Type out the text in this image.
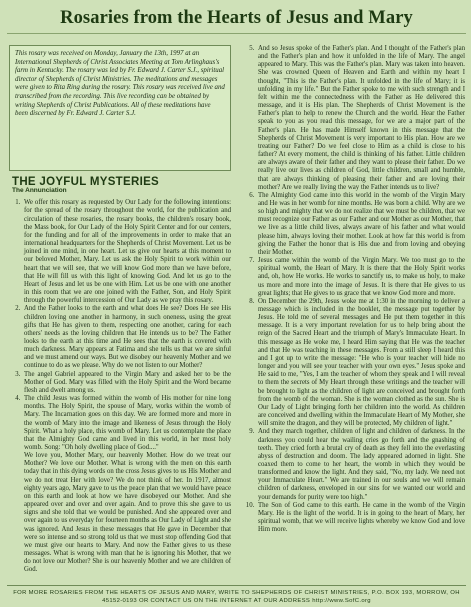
Rosaries from the Hearts of Jesus and Mary
This rosary was received on Monday, January the 13th, 1997 at an International Shepherds of Christ Associates Meeting at Tom Arlinghaus's farm in Kentucky. The rosary was led by Fr. Edward J. Carter S.J., spiritual director of Shepherds of Christ Ministries. The meditations and messages were given to Rita Ring during the rosary. This rosary was received live and transcribed from the recording. This live recording can be obtained by writing Shepherds of Christ Publications. All of these meditations have been discerned by Fr. Edward J. Carter S.J.
THE JOYFUL MYSTERIES
The Annunciation
1. We offer this rosary as requested by Our Lady for the following intentions: for the spread of the rosary throughout the world, for the publication and circulation of these rosaries, the rosary books, the children's rosary book, the Mass book, for Our Lady of the Holy Spirit Center and for our centers, for the funding and for all of the improvements in order to make that an international headquarters for the Shepherds of Christ Movement. Let us be joined in one mind, in one heart. Let us give our hearts at this moment to our beloved Mother, Mary. Let us ask the Holy Spirit to work within our heart that we will see, that we will know God more than we have before, that He will fill us with this light of knowing God. And let us go to the Heart of Jesus and let us be one with Him. Let us be one with one another in this room that we are one joined with the Father, Son, and Holy Spirit through the powerful intercession of Our Lady as we pray this rosary.
2. And the Father looks to the earth and what does He see? Does He see His children loving one another in harmony, in such oneness, using the great gifts that He has given to them, respecting one another, caring for each others' needs as the loving children that He intends us to be? The Father looks to the earth at this time and He sees that the earth is covered with much darkness. Mary appears at Fatima and she tells us that we are sinful and we must amend our ways. But we disobey our heavenly Mother and we continue to do as we please. Why do we not listen to our Mother?
3. The angel Gabriel appeared to the Virgin Mary and asked her to be the Mother of God. Mary was filled with the Holy Spirit and the Word became flesh and dwelt among us.
4. The child Jesus was formed within the womb of His mother for nine long months. The Holy Spirit, the spouse of Mary, works within the womb of Mary. The Incarnation goes on this day. We are formed more and more in the womb of Mary into the image and likeness of Jesus through the Holy Spirit. What a holy place, this womb of Mary. Let us contemplate the place that the Almighty God came and lived in this world, in her most holy womb. Song: "Oh holy dwelling place of God...."

We love you, Mother Mary, our heavenly Mother. How do we treat our Mother? We love our Mother. What is wrong with the men on this earth today that in this dying words on the cross Jesus gives to us His Mother and we do not treat Her with love? We do not think of her. In 1917, almost eighty years ago, Mary gave to us the peace plan that we would have peace on this earth and look at how we have disobeyed our Mother. And she appeared over and over and over again. And to prove this she gave to us signs and she told that we would be punished. And she appeared over and over again to us everyday for fourteen months as Our Lady of Light and she was ignored. And Jesus in these messages that He gave in December that were so intense and so strong told us that we must stop offending God that we must give our hearts to Mary. And now the Father gives to us these messages. What is wrong with man that he is ignoring his Mother, that we do not love our Mother? She is our heavenly Mother and we are children of God.

5. And so Jesus spoke of the Father's plan. And I thought of the Father's plan and the Father's plan and how it unfolded in the life of Mary. The angel appeared to Mary. This was the Father's plan. Mary was taken into heaven. She was crowned Queen of Heaven and Earth and within my heart I thought, "This is the Father's plan. It unfolded in the life of Mary; it is unfolding in my life." But the Father spoke to me with such strength and I felt within me the connectedness with the Father as He delivered this message, and it is His plan. The Shepherds of Christ Movement is the Father's plan to help to renew the Church and the world. Hear the Father speak to you as you read this message, for we are a major part of the Father's plan. He has made Himself known in this message that the Shepherds of Christ Movement is very important to His plan. How are we treating our Father? Do we feel close to Him as a child is close to his father? At every moment, the child is thinking of his father. Little children are always aware of their father and they want to please their father. Do we really live our lives as children of God, little children, small and humble, that are always thinking of pleasing their father and are loving their mother? Are we really living the way the Father intends us to live?
6. The Almighty God came into this world in the womb of the Virgin Mary and He was in her womb for nine months. He was born a child. Why are we so high and mighty that we do not realize that we must be children, that we must recognize our Father as our Father and our Mother as our Mother, that we live as a little child lives, always aware of his father and what would please him, always loving their mother. Look at how far this world is from giving the Father the honor that is His due and from loving and obeying their Mother.
7. Jesus came within the womb of the Virgin Mary. We too must go to the spiritual womb, the Heart of Mary. It is there that the Holy Spirit works and, oh, how He works. He works to sanctify us, to make us holy, to make us more and more into the image of Jesus. It is there that He gives to us great lights; that He gives to us grace that we know God more and more.
8. On December the 29th, Jesus woke me at 1:30 in the morning to deliver a message which is included in the booklet, the message put together by Jesus. He told me of several messages and He put them together in this message. It is a very important revelation for us to help bring about the reign of the Sacred Heart and the triumph of Mary's Immaculate Heart. In this message as He woke me, I heard Him saying that He was the teacher and that He was teaching in these messages. From a still sleep I heard this and I got up to write the message: "He who is your teacher will hide no longer and you will see your teacher with your own eyes." Jesus spoke and He said to me, "Yes, I am the teacher of whom they speak and I will reveal to them the secrets of My Heart through these writings and the teacher will be brought to light as the children of light are conceived and brought forth from the womb of the woman. She is the woman clothed as the sun. She is Our Lady of Light bringing forth her children into the world. As children are conceived and dwelling within the Immaculate Heart of My Mother, she will smite the dragon, and they will be protected, My children of light."
9. And they march together, children of light and children of darkness. In the darkness you could hear the wailing cries go forth and the gnashing of teeth. They cried forth a brutal cry of death as they fell into the everlasting abyss of destruction and doom. The lady appeared adorned in light. She coaxed them to come to her heart, the womb in which they would be transformed and know the light. And they said, "No, my lady. We need not your Immaculate Heart." We are trained in our souls and we will remain children of darkness, enveloped in our sins for we wanted our world and your demands for purity were too high."
10. The Son of God came to this earth. He came in the womb of the Virgin Mary. He is the light of the world. It is in going to the heart of Mary, her spiritual womb, that we will receive lights whereby we know God and love Him more.
FOR MORE ROSARIES FROM THE HEARTS OF JESUS AND MARY, WRITE TO SHEPHERDS OF CHRIST MINISTRIES, P.O. BOX 193, MORROW, OH 45152-0193 OR CONTACT US ON THE INTERNET AT OUR ADDRESS http://www.SofC.org
